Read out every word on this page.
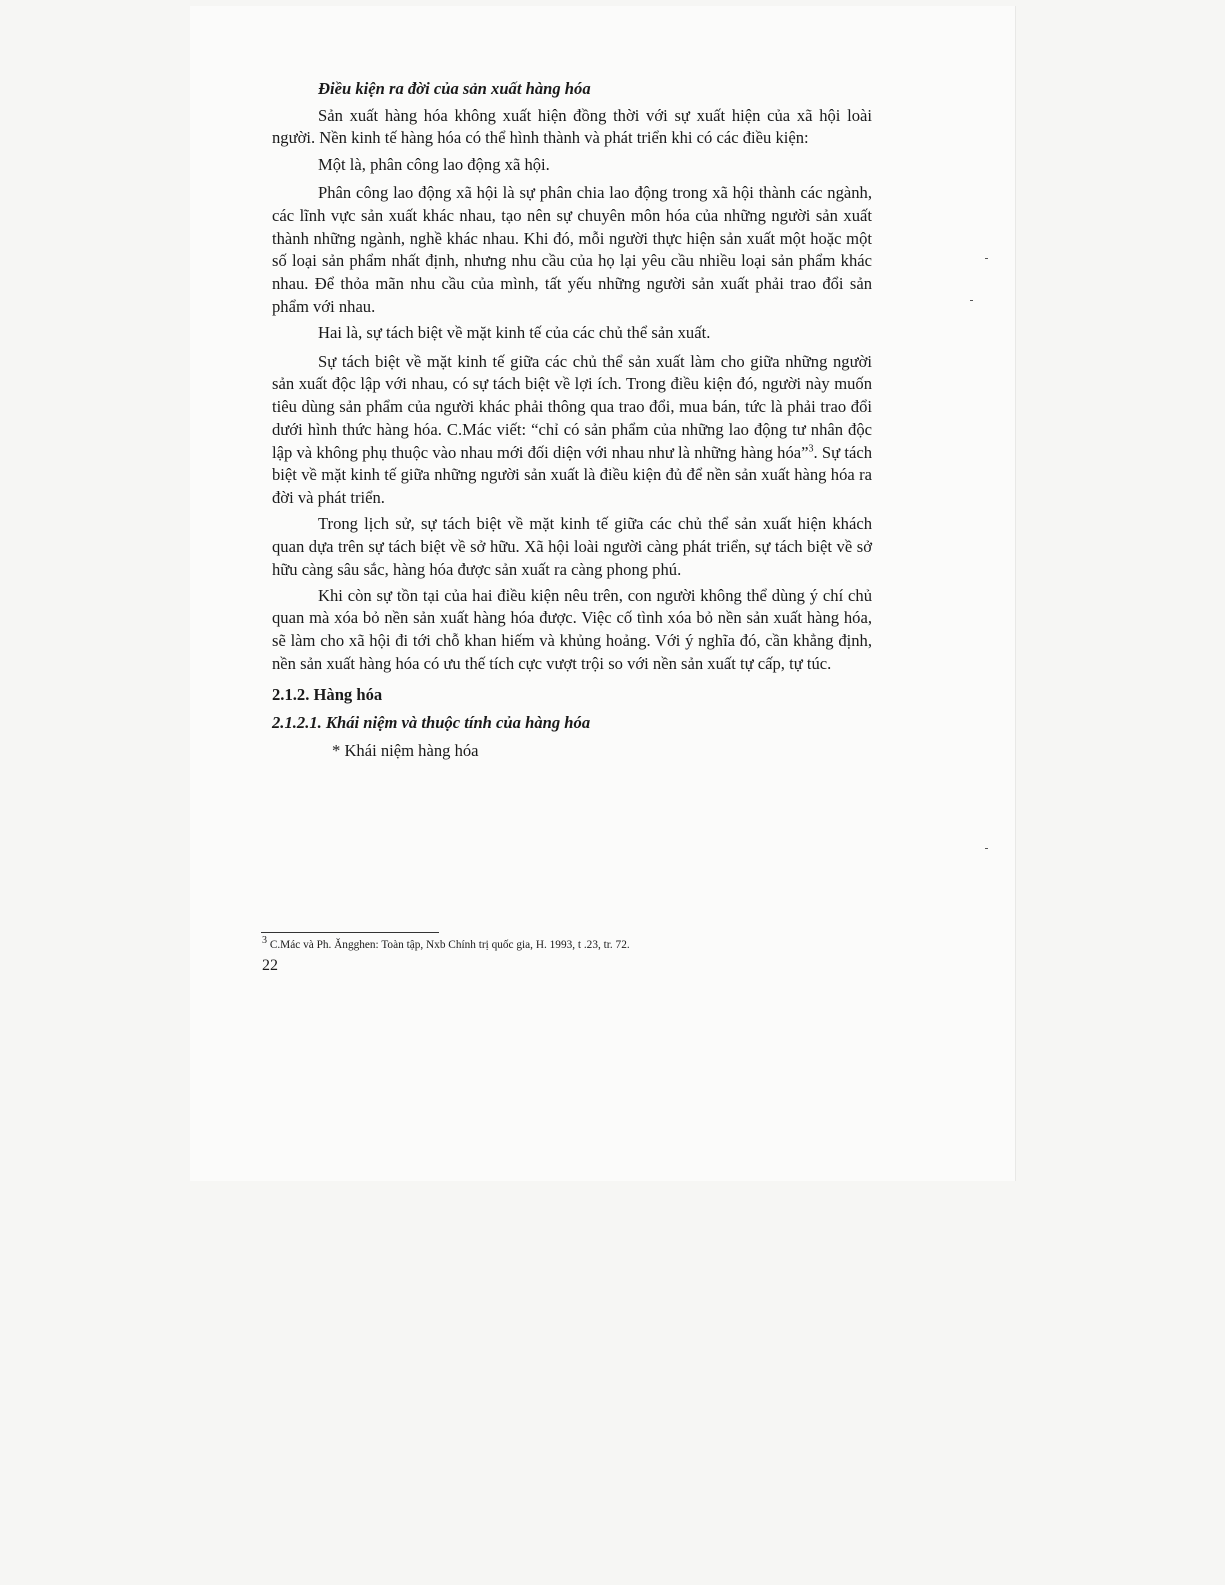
Điều kiện ra đời của sản xuất hàng hóa

Sản xuất hàng hóa không xuất hiện đồng thời với sự xuất hiện của xã hội loài người. Nền kinh tế hàng hóa có thể hình thành và phát triển khi có các điều kiện:

Một là, phân công lao động xã hội.

Phân công lao động xã hội là sự phân chia lao động trong xã hội thành các ngành, các lĩnh vực sản xuất khác nhau, tạo nên sự chuyên môn hóa của những người sản xuất thành những ngành, nghề khác nhau. Khi đó, mỗi người thực hiện sản xuất một hoặc một số loại sản phẩm nhất định, nhưng nhu cầu của họ lại yêu cầu nhiều loại sản phẩm khác nhau. Để thỏa mãn nhu cầu của mình, tất yếu những người sản xuất phải trao đổi sản phẩm với nhau.

Hai là, sự tách biệt về mặt kinh tế của các chủ thể sản xuất.

Sự tách biệt về mặt kinh tế giữa các chủ thể sản xuất làm cho giữa những người sản xuất độc lập với nhau, có sự tách biệt về lợi ích. Trong điều kiện đó, người này muốn tiêu dùng sản phẩm của người khác phải thông qua trao đổi, mua bán, tức là phải trao đổi dưới hình thức hàng hóa. C.Mác viết: “chỉ có sản phẩm của những lao động tư nhân độc lập và không phụ thuộc vào nhau mới đối diện với nhau như là những hàng hóa”$^3$. Sự tách biệt về mặt kinh tế giữa những người sản xuất là điều kiện đủ để nền sản xuất hàng hóa ra đời và phát triển.

Trong lịch sử, sự tách biệt về mặt kinh tế giữa các chủ thể sản xuất hiện khách quan dựa trên sự tách biệt về sở hữu. Xã hội loài người càng phát triển, sự tách biệt về sở hữu càng sâu sắc, hàng hóa được sản xuất ra càng phong phú.

Khi còn sự tồn tại của hai điều kiện nêu trên, con người không thể dùng ý chí chủ quan mà xóa bỏ nền sản xuất hàng hóa được. Việc cố tình xóa bỏ nền sản xuất hàng hóa, sẽ làm cho xã hội đi tới chỗ khan hiếm và khủng hoảng. Với ý nghĩa đó, cần khẳng định, nền sản xuất hàng hóa có ưu thế tích cực vượt trội so với nền sản xuất tự cấp, tự túc.

2.1.2. Hàng hóa
2.1.2.1. Khái niệm và thuộc tính của hàng hóa
* Khái niệm hàng hóa
$^3$ C.Mác và Ph. Ăngghen: Toàn tập, Nxb Chính trị quốc gia, H. 1993, t .23, tr. 72.
22
